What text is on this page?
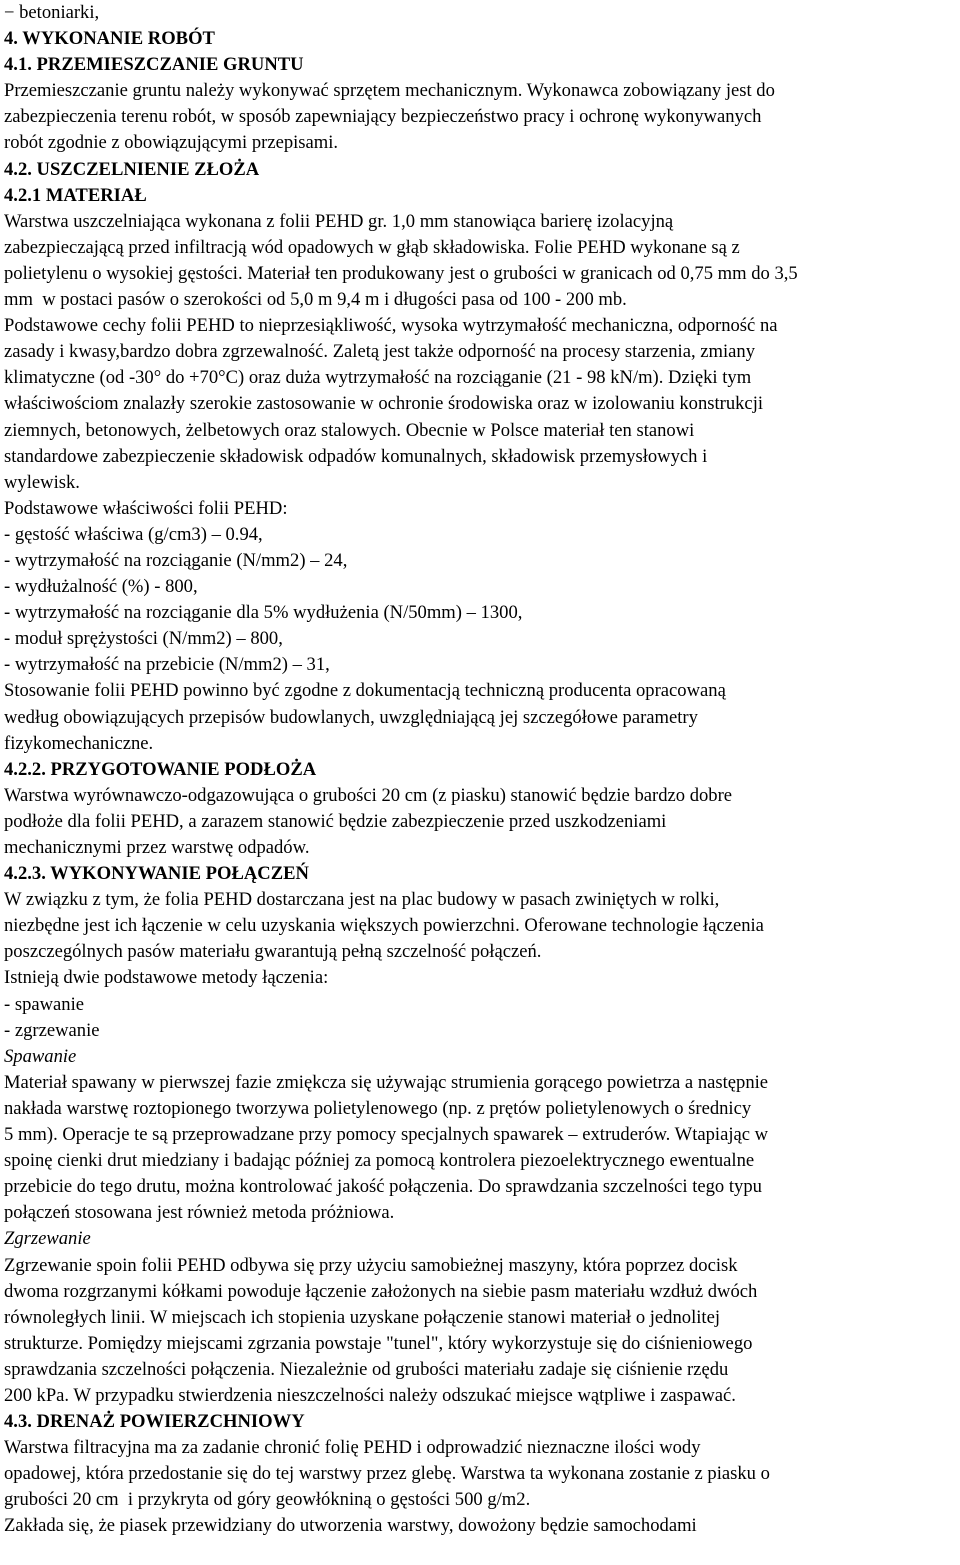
− betoniarki,
4. WYKONANIE ROBÓT
4.1. PRZEMIESZCZANIE GRUNTU
Przemieszczanie gruntu należy wykonywać sprzętem mechanicznym. Wykonawca zobowiązany jest do
zabezpieczenia terenu robót, w sposób zapewniający bezpieczeństwo pracy i ochronę wykonywanych
robót zgodnie z obowiązującymi przepisami.
4.2. USZCZELNIENIE ZŁOŻA
4.2.1 MATERIAŁ
Warstwa uszczelniająca wykonana z folii PEHD gr. 1,0 mm stanowiąca barierę izolacyjną
zabezpieczającą przed infiltracją wód opadowych w głąb składowiska. Folie PEHD wykonane są z
polietylenu o wysokiej gęstości. Materiał ten produkowany jest o grubości w granicach od 0,75 mm do 3,5
mm  w postaci pasów o szerokości od 5,0 m 9,4 m i długości pasa od 100 - 200 mb.
Podstawowe cechy folii PEHD to nieprzesiąkliwość, wysoka wytrzymałość mechaniczna, odporność na
zasady i kwasy,bardzo dobra zgrzewalność. Zaletą jest także odporność na procesy starzenia, zmiany
klimatyczne (od -30° do +70°C) oraz duża wytrzymałość na rozciąganie (21 - 98 kN/m). Dzięki tym
właściwościom znalazły szerokie zastosowanie w ochronie środowiska oraz w izolowaniu konstrukcji
ziemnych, betonowych, żelbetowych oraz stalowych. Obecnie w Polsce materiał ten stanowi
standardowe zabezpieczenie składowisk odpadów komunalnych, składowisk przemysłowych i
wylewisk.
Podstawowe właściwości folii PEHD:
- gęstość właściwa (g/cm3) – 0.94,
- wytrzymałość na rozciąganie (N/mm2) – 24,
- wydłużalność (%) - 800,
- wytrzymałość na rozciąganie dla 5% wydłużenia (N/50mm) – 1300,
- moduł sprężystości (N/mm2) – 800,
- wytrzymałość na przebicie (N/mm2) – 31,
Stosowanie folii PEHD powinno być zgodne z dokumentacją techniczną producenta opracowaną
według obowiązujących przepisów budowlanych, uwzględniającą jej szczegółowe parametry
fizykomechaniczne.
4.2.2. PRZYGOTOWANIE PODŁOŻA
Warstwa wyrównawczo-odgazowująca o grubości 20 cm (z piasku) stanowić będzie bardzo dobre
podłoże dla folii PEHD, a zarazem stanowić będzie zabezpieczenie przed uszkodzeniami
mechanicznymi przez warstwę odpadów.
4.2.3. WYKONYWANIE POŁĄCZEŃ
W związku z tym, że folia PEHD dostarczana jest na plac budowy w pasach zwiniętych w rolki,
niezbędne jest ich łączenie w celu uzyskania większych powierzchni. Oferowane technologie łączenia
poszczególnych pasów materiału gwarantują pełną szczelność połączeń.
Istnieją dwie podstawowe metody łączenia:
- spawanie
- zgrzewanie
Spawanie
Materiał spawany w pierwszej fazie zmiękcza się używając strumienia gorącego powietrza a następnie
nakłada warstwę roztopionego tworzywa polietylenowego (np. z prętów polietylenowych o średnicy
5 mm). Operacje te są przeprowadzane przy pomocy specjalnych spawarek – extruderów. Wtapiając w
spoinę cienki drut miedziany i badając później za pomocą kontrolera piezoelektrycznego ewentualne
przebicie do tego drutu, można kontrolować jakość połączenia. Do sprawdzania szczelności tego typu
połączeń stosowana jest również metoda próżniowa.
Zgrzewanie
Zgrzewanie spoin folii PEHD odbywa się przy użyciu samobieżnej maszyny, która poprzez docisk
dwoma rozgrzanymi kółkami powoduje łączenie założonych na siebie pasm materiału wzdłuż dwóch
równoległych linii. W miejscach ich stopienia uzyskane połączenie stanowi materiał o jednolitej
strukturze. Pomiędzy miejscami zgrzania powstaje "tunel", który wykorzystuje się do ciśnieniowego
sprawdzania szczelności połączenia. Niezależnie od grubości materiału zadaje się ciśnienie rzędu
200 kPa. W przypadku stwierdzenia nieszczelności należy odszukać miejsce wątpliwe i zaspawać.
4.3. DRENAŻ POWIERZCHNIOWY
Warstwa filtracyjna ma za zadanie chronić folię PEHD i odprowadzić nieznaczne ilości wody
opadowej, która przedostanie się do tej warstwy przez glebę. Warstwa ta wykonana zostanie z piasku o
grubości 20 cm  i przykryta od góry geowłókniną o gęstości 500 g/m2.
Zakłada się, że piasek przewidziany do utworzenia warstwy, dowożony będzie samochodami
